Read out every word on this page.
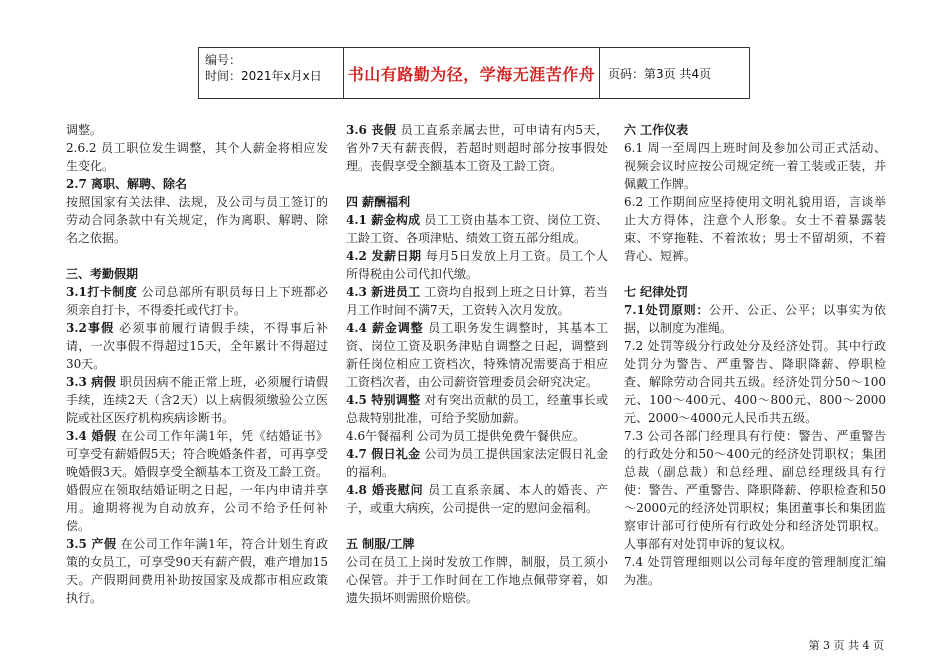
编号：
时间：2021年x月x日	书山有路勤为径，学海无涯苦作舟	页码：第3页 共4页

调整。

2.6.2 员工职位发生调整，其个人薪金将相应发生变化。

2.7 离职、解聘、除名

按照国家有关法律、法规，及公司与员工签订的劳动合同条款中有关规定，作为离职、解聘、除名之依据。

三、考勤假期

3.1打卡制度 公司总部所有职员每日上下班都必须亲自打卡，不得委托或代打卡。

3.2事假 必须事前履行请假手续，不得事后补请，一次事假不得超过15天，全年累计不得超过30天。

3.3 病假 职员因病不能正常上班，必须履行请假手续，连续2天（含2天）以上病假须缴验公立医院或社区医疗机构疾病诊断书。

3.4 婚假 在公司工作年满1年，凭《结婚证书》可享受有薪婚假5天；符合晚婚条件者，可再享受晚婚假3天。婚假享受全额基本工资及工龄工资。婚假应在领取结婚证明之日起，一年内申请并享用。逾期将视为自动放弃，公司不给予任何补偿。

3.5 产假 在公司工作年满1年，符合计划生育政策的女员工，可享受90天有薪产假，难产增加15天。产假期间费用补助按国家及成都市相应政策执行。

3.6 丧假 员工直系亲属去世，可申请有内5天，省外7天有薪丧假，若超时则超时部分按事假处理。丧假享受全额基本工资及工龄工资。

四 薪酬福利

4.1 薪金构成 员工工资由基本工资、岗位工资、工龄工资、各项津贴、绩效工资五部分组成。

4.2 发薪日期 每月5日发放上月工资。员工个人所得税由公司代扣代缴。

4.3 新进员工 工资均自报到上班之日计算，若当月工作时间不满7天，工资转入次月发放。

4.4 薪金调整 员工职务发生调整时，其基本工资、岗位工资及职务津贴自调整之日起，调整到新任岗位相应工资档次，特殊情况需要高于相应工资档次者，由公司薪资管理委员会研究决定。

4.5 特别调整 对有突出贡献的员工，经董事长或总裁特别批准，可给予奖励加薪。

4.6午餐福利 公司为员工提供免费午餐供应。

4.7 假日礼金 公司为员工提供国家法定假日礼金的福利。

4.8 婚丧慰问 员工直系亲属、本人的婚丧、产子，或重大病疾，公司提供一定的慰问金福利。

五 制服/工牌

公司在员工上岗时发放工作牌，制服，员工须小心保管。并于工作时间在工作地点佩带穿着，如遗失损坏则需照价赔偿。

六 工作仪表

6.1 周一至周四上班时间及参加公司正式活动、视频会议时应按公司规定统一着工装或正装，并佩戴工作牌。

6.2 工作期间应坚持使用文明礼貌用语，言谈举止大方得体，注意个人形象。女士不着暴露装束、不穿拖鞋、不着浓妆；男士不留胡须，不着背心、短裤。

七 纪律处罚

7.1处罚原则：公开、公正、公平；以事实为依据，以制度为准绳。

7.2 处罚等级分行政处分及经济处罚。其中行政处罚分为警告、严重警告、降职降薪、停职检查、解除劳动合同共五级。经济处罚分50～100元、100～400元、400～800元、800～2000元、2000～4000元人民币共五级。

7.3 公司各部门经理具有行使：警告、严重警告的行政处分和50～400元的经济处罚职权；集团总裁（副总裁）和总经理、副总经理级具有行使：警告、严重警告、降职降薪、停职检查和50～2000元的经济处罚职权；集团董事长和集团监察审计部可行使所有行政处分和经济处罚职权。人事部有对处罚申诉的复议权。

7.4 处罚管理细则以公司每年度的管理制度汇编为准。

第 3 页 共 4 页
